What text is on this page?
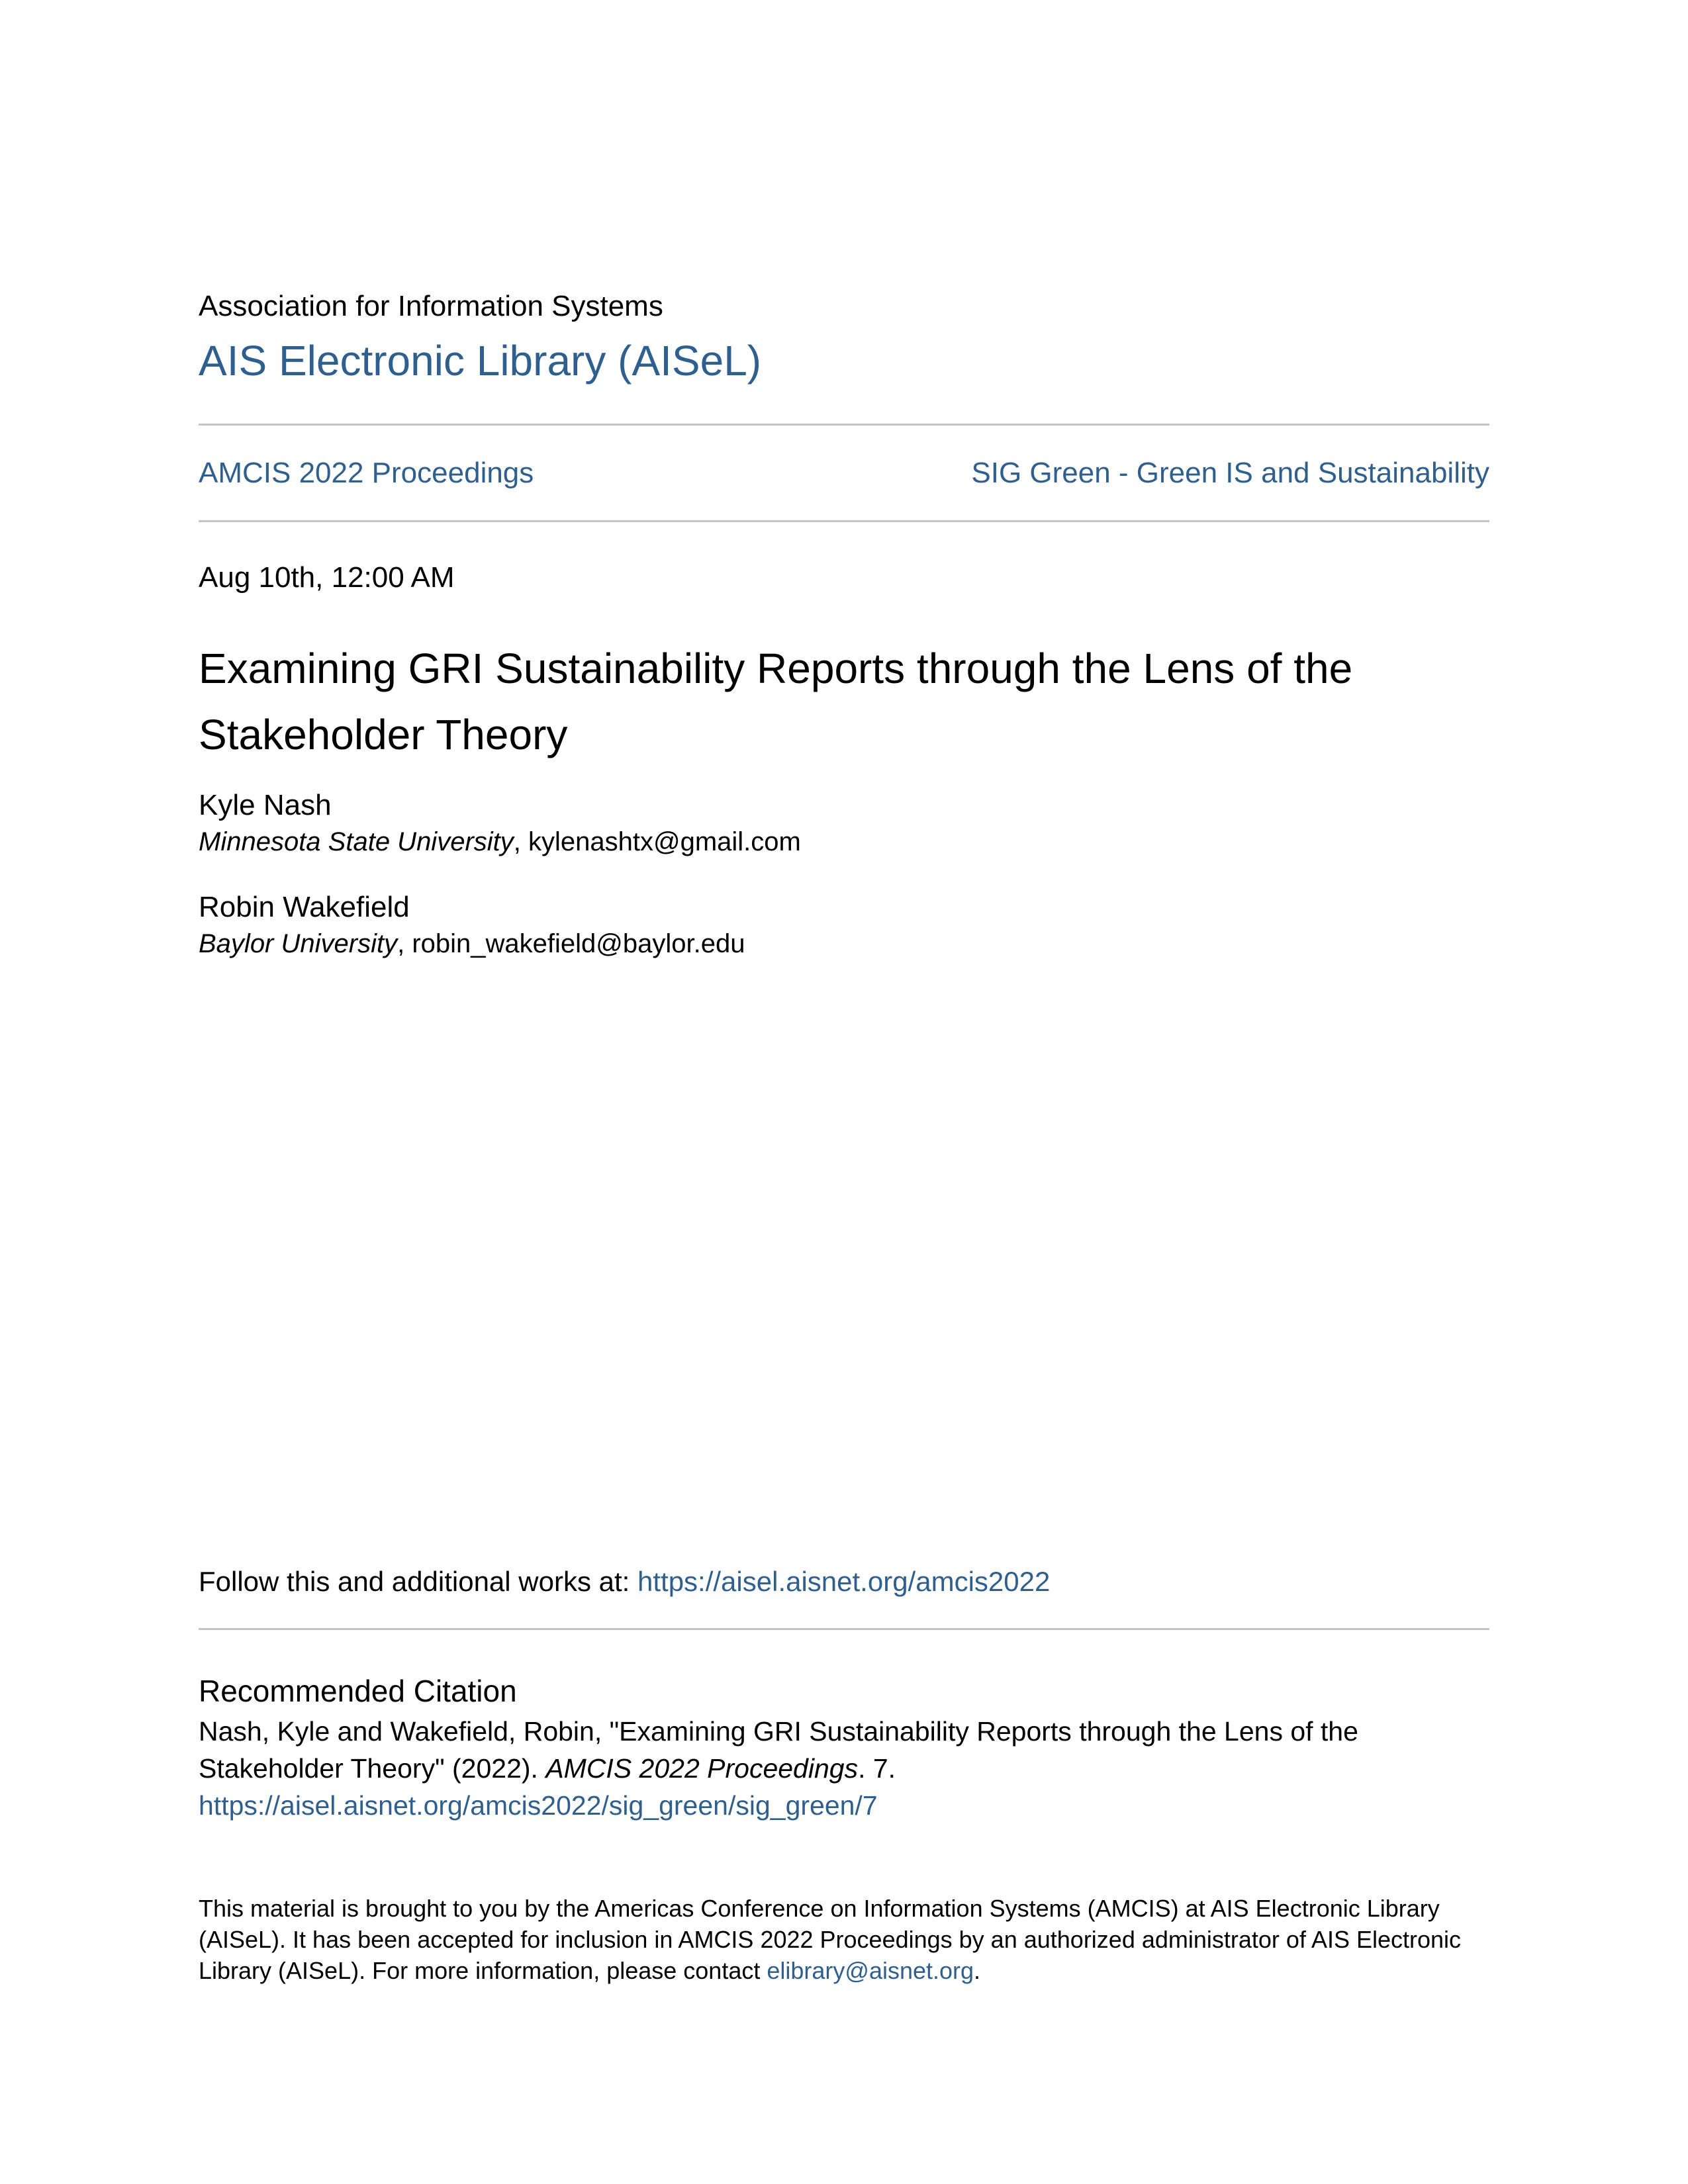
Association for Information Systems
AIS Electronic Library (AISeL)
AMCIS 2022 Proceedings	SIG Green - Green IS and Sustainability
Aug 10th, 12:00 AM
Examining GRI Sustainability Reports through the Lens of the Stakeholder Theory
Kyle Nash
Minnesota State University, kylenashtx@gmail.com
Robin Wakefield
Baylor University, robin_wakefield@baylor.edu
Follow this and additional works at: https://aisel.aisnet.org/amcis2022
Recommended Citation
Nash, Kyle and Wakefield, Robin, "Examining GRI Sustainability Reports through the Lens of the Stakeholder Theory" (2022). AMCIS 2022 Proceedings. 7.
https://aisel.aisnet.org/amcis2022/sig_green/sig_green/7
This material is brought to you by the Americas Conference on Information Systems (AMCIS) at AIS Electronic Library (AISeL). It has been accepted for inclusion in AMCIS 2022 Proceedings by an authorized administrator of AIS Electronic Library (AISeL). For more information, please contact elibrary@aisnet.org.
